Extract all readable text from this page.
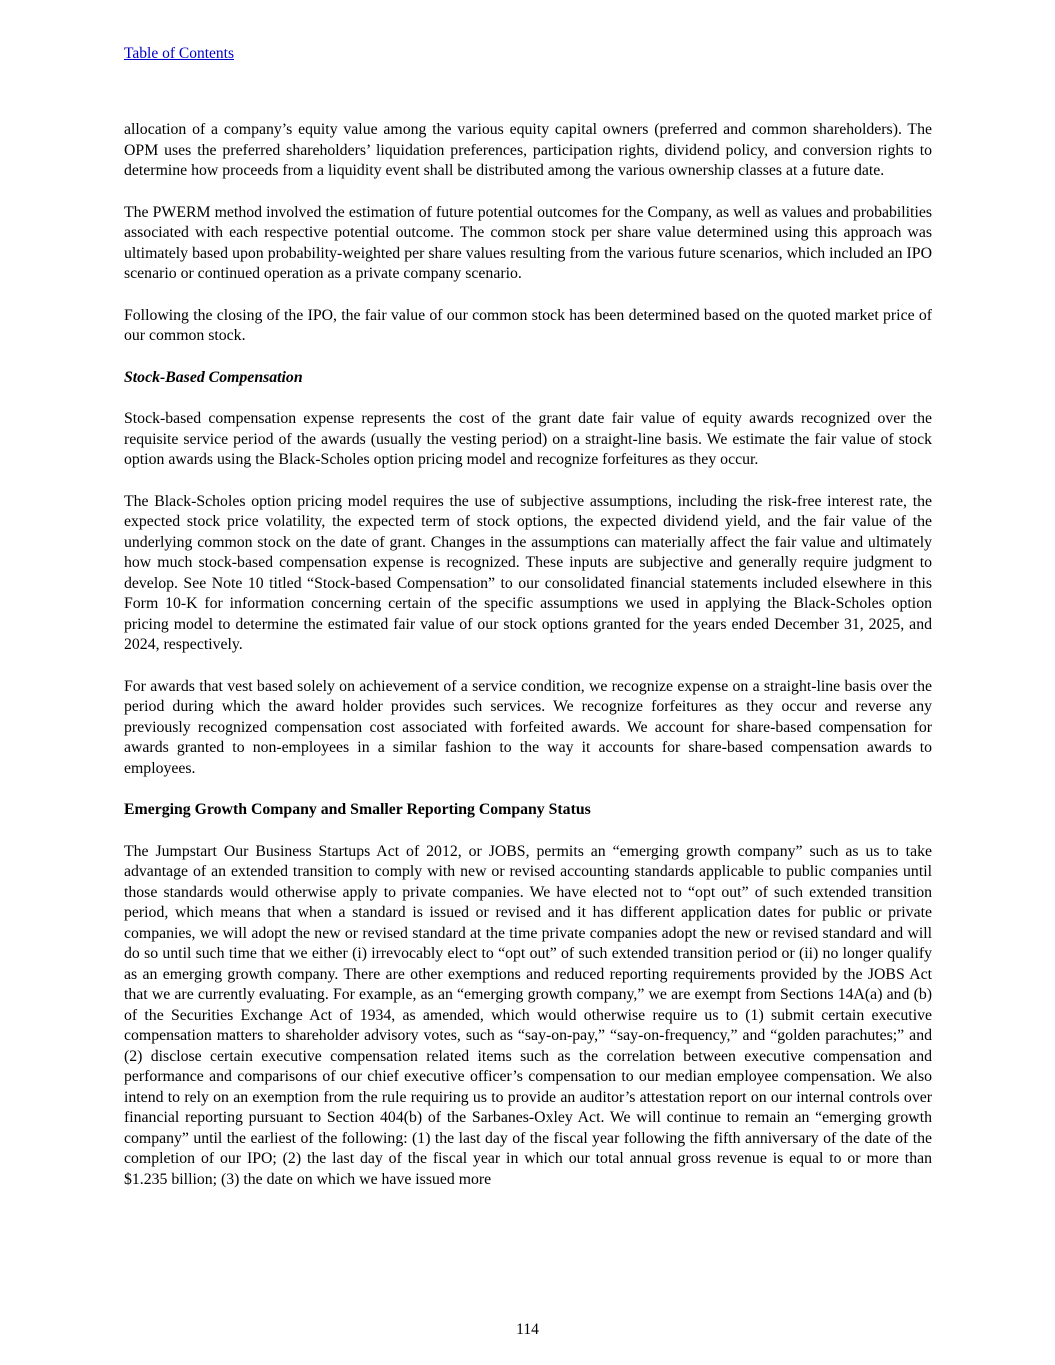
Table of Contents

allocation of a company’s equity value among the various equity capital owners (preferred and common shareholders). The OPM uses the preferred shareholders’ liquidation preferences, participation rights, dividend policy, and conversion rights to determine how proceeds from a liquidity event shall be distributed among the various ownership classes at a future date.

The PWERM method involved the estimation of future potential outcomes for the Company, as well as values and probabilities associated with each respective potential outcome. The common stock per share value determined using this approach was ultimately based upon probability-weighted per share values resulting from the various future scenarios, which included an IPO scenario or continued operation as a private company scenario.

Following the closing of the IPO, the fair value of our common stock has been determined based on the quoted market price of our common stock.

Stock-Based Compensation

Stock-based compensation expense represents the cost of the grant date fair value of equity awards recognized over the requisite service period of the awards (usually the vesting period) on a straight-line basis. We estimate the fair value of stock option awards using the Black-Scholes option pricing model and recognize forfeitures as they occur.

The Black-Scholes option pricing model requires the use of subjective assumptions, including the risk-free interest rate, the expected stock price volatility, the expected term of stock options, the expected dividend yield, and the fair value of the underlying common stock on the date of grant. Changes in the assumptions can materially affect the fair value and ultimately how much stock-based compensation expense is recognized. These inputs are subjective and generally require judgment to develop. See Note 10 titled “Stock-based Compensation” to our consolidated financial statements included elsewhere in this Form 10-K for information concerning certain of the specific assumptions we used in applying the Black-Scholes option pricing model to determine the estimated fair value of our stock options granted for the years ended December 31, 2025, and 2024, respectively.

For awards that vest based solely on achievement of a service condition, we recognize expense on a straight-line basis over the period during which the award holder provides such services. We recognize forfeitures as they occur and reverse any previously recognized compensation cost associated with forfeited awards. We account for share-based compensation for awards granted to non-employees in a similar fashion to the way it accounts for share-based compensation awards to employees.

Emerging Growth Company and Smaller Reporting Company Status

The Jumpstart Our Business Startups Act of 2012, or JOBS, permits an “emerging growth company” such as us to take advantage of an extended transition to comply with new or revised accounting standards applicable to public companies until those standards would otherwise apply to private companies. We have elected not to “opt out” of such extended transition period, which means that when a standard is issued or revised and it has different application dates for public or private companies, we will adopt the new or revised standard at the time private companies adopt the new or revised standard and will do so until such time that we either (i) irrevocably elect to “opt out” of such extended transition period or (ii) no longer qualify as an emerging growth company. There are other exemptions and reduced reporting requirements provided by the JOBS Act that we are currently evaluating. For example, as an “emerging growth company,” we are exempt from Sections 14A(a) and (b) of the Securities Exchange Act of 1934, as amended, which would otherwise require us to (1) submit certain executive compensation matters to shareholder advisory votes, such as “say-on-pay,” “say-on-frequency,” and “golden parachutes;” and (2) disclose certain executive compensation related items such as the correlation between executive compensation and performance and comparisons of our chief executive officer’s compensation to our median employee compensation. We also intend to rely on an exemption from the rule requiring us to provide an auditor’s attestation report on our internal controls over financial reporting pursuant to Section 404(b) of the Sarbanes-Oxley Act. We will continue to remain an “emerging growth company” until the earliest of the following: (1) the last day of the fiscal year following the fifth anniversary of the date of the completion of our IPO; (2) the last day of the fiscal year in which our total annual gross revenue is equal to or more than $1.235 billion; (3) the date on which we have issued more

114
